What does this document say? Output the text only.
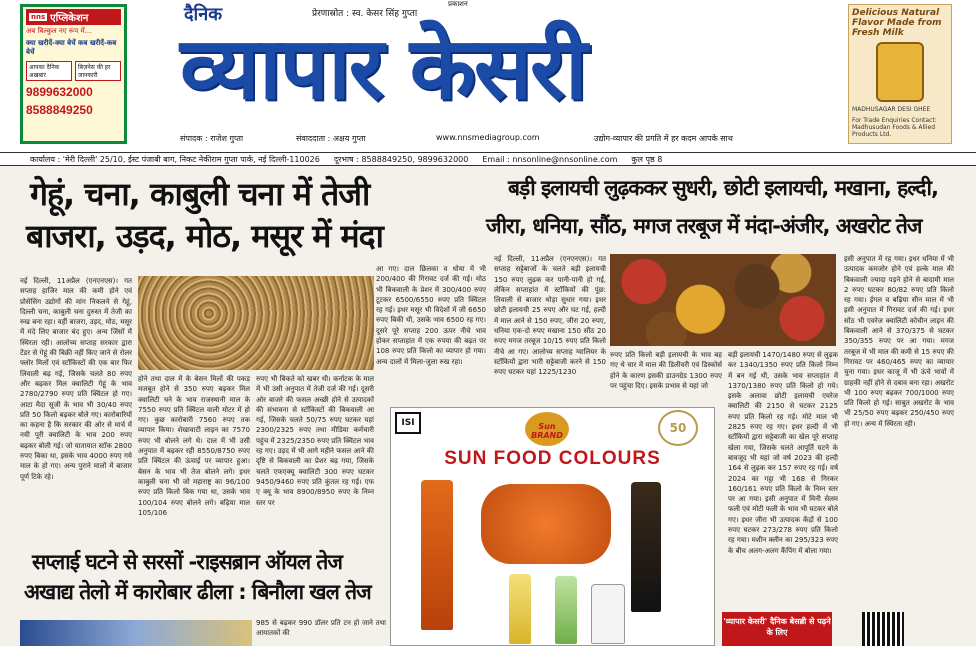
nns एप्लिकेशन
अब बिल्कुल नए रूप में...
क्या खरीदें-क्या बेचें कब खरीदें-कब बेचें
आपका दैनिक अखबार
बिज़नेस की हर जानकारी
9899632000
8588849250
दैनिक	प्रेरणास्रोत : स्व. केसर सिंह गुप्ता
प्रकाशन
व्यापार केसरी
Delicious Natural Flavor Made from Fresh Milk
MADHUSAGAR DESI GHEE
For Trade Enquiries Contact: Madhusudan Foods & Allied Products Ltd.
संपादक : राजेश गुप्ता	संवाददाता : अक्षय गुप्ता	www.nnsmediagroup.com	उद्योग-व्यापार की प्रगति में हर कदम आपके साथ
कार्यालय : 'मेरी दिल्ली' 25/10, ईस्ट पंजाबी बाग, निकट नेकीराम गुप्ता पार्क, नई दिल्ली-110026 दूरभाष : 8588849250, 9899632000 Email : nnsonline@nnsonline.com कुल पृष्ठ 8
गेहूं, चना, काबुली चना में तेजी
बाजरा, उड़द, मोठ, मसूर में मंदा
नई दिल्ली, 11अप्रैल (एनएनएस)। गत सप्ताह हाजिर माल की कमी होने एवं प्रोसेसिंग उद्योगों की मांग निकलने से गेहूं, दिल्ली चना, काबुली चना दुरुस्त में तेजी का रुख बना रहा। वहीं बाजरा, उड़द, मोठ, मसूर में मंदे लिए बाजार बंद हुए। अन्य जिंसों में स्थिरता रही। आलोच्य सप्ताह सरकार द्वारा टेंडर से गेहूं की बिक्री नहीं किए जाने से रोलर फ्लोर मिलों एवं स्टॉकिस्टों की एक बार फिर लिवाली बढ़ गई, जिसके चलते 80 रुपए और बढ़कर मिल क्वालिटी गेहूं के भाव 2780/2790 रुपए प्रति क्विंटल हो गए। आटा मैदा सूजी के भाव भी 30/40 रुपए प्रति 50 किलो बढ़कर बोले गए। कारोबारियों का कहना है कि सरकार की ओर से मार्च में नयी पूरी क्वालिटी के भाव 200 रुपए बढ़कर बोली गई। जो यातायात स्टॉक 2800 रुपए बिका था, इसके भाव 4000 रुपए गये माल के हो गए। अन्य पुराने मालों में बाजार पूर्ण टिके रहे।
होने तथा दाल में के बेसन मिलों की पकड़ मजबूत होने से 350 रुपए बढ़कर मिल क्वालिटी चने के भाव राजस्थानी माल के 7550 रुपए प्रति क्विंटल वाली मोटर में हो गए। कुछ कारोबारी 7560 रुपए तक व्यापार किया। शेखावाटी लाइन का 7570 रुपए भी बोलने लगे थे। दाल में भी उसी अनुपात में बढ़कर रही 8550/8750 रुपए प्रति क्विंटल की ऊंचाई पर व्यापार हुआ। बेसन के भाव भी तेज बोलने लगे। इधर काबुली चना भी जो महाराष्ट्र का 96/100 रुपए प्रति किलो बिक गया था, उसके भाव 100/104 रुपए बोलने लगे। बढ़िया माल 105/106
रुपए भी बिकते को खबर थी। कर्नाटक के माल में भी उसी अनुपात में तेजी दर्ज की गई। दूसरी ओर बाजरे की फसल अच्छी होने से उत्पादकों की संभावना से स्टॉकिस्टों की बिकवाली आ गई, जिसके चलते 50/75 रुपए घटकर यहां 2300/2325 रुपए तथा मीडिया कर्मचारी पहुंच में 2325/2350 रुपए प्रति क्विंटल भाव रह गए। उड़द में भी आगे महीने फसल आने की दृष्टि से बिकवाली का प्रेशर बढ़ गया, जिसके चलते एफएक्यू क्वालिटी 300 रुपए घटकर 9450/9460 रुपए प्रति कुंतल रह गई। एफ ए क्यू के भाव 8900/8950 रुपए के निम्न स्तर पर
आ गए। दाल छिलका व धोया में भी 200/400 की गिरावट दर्ज की गई। मोठ भी बिकवाली के प्रेशर में 300/400 रुपए टूटकर 6500/6550 रुपए प्रति क्विंटल रह गई। इधर मसूर भी विदेशों में जी 6650 रुपए बिकी थी, उसके भाव 6500 रह गए। दूसरे पूरे सप्ताह 200 ऊपर नीचे भाव होकर सप्ताहांत में एक रुपया की बढ़त पर 108 रुपए प्रति किलो का व्यापार हो गया। अन्य दालों में मिला-जुला रुख रहा।
सप्लाई घटने से सरसों -राइसब्रान ऑयल तेज
अखाद्य तेलो में कारोबार ढीला : बिनौला खल तेज
985 से बढ़कर 990 डॉलर प्रति टन हो जाने तथा आयातकों की
बड़ी इलायची लुढ़ककर सुधरी, छोटी इलायची, मखाना, हल्दी,
जीरा, धनिया, सौंठ, मगज तरबूज में मंदा-अंजीर, अखरोट तेज
नई दिल्ली, 11अप्रैल (एनएनएस)। गत सप्ताह सट्टेबाजों के चलते बड़ी इलायची 150 रुपए लुढ़क कर पानी-पानी हो गई, लेकिन सप्ताहांत में स्टॉकियों की पूंछ: लिवाली से बाजार थोड़ा सुधार गया। इधर छोटी इलायची 25 रुपए और घट गई, हल्दी में माल आने से 150 रुपए, जीरा 20 रुपए, धनिया एक-दो रुपए मखाना 150 सौंठ 20 रुपए मगज तरबूज 10/15 रुपए प्रति किलो नीचे आ गए। आलोच्य सप्ताह ग्वालियर के स्टॉकियों द्वारा भारी सट्टेबाजी करने से 150 रुपए घटकर यहां 1225/1230
रुपए प्रति किलो बड़ी इलायची के भाव बह गए थे चार में माल की डिलीवरी एवं डिस्कोर्स होने के कारण इसकी डाउनग्रेड 1300 रुपए पर पहुंचा दिए। इसके प्रभाव से यहां जो
बड़ी इलायची 1470/1480 रुपए से लुढ़क कर 1340/1350 रुपए प्रति किलो निम्न में बन गई थी, उसके भाव सप्ताहांत में 1370/1380 रुपए प्रति किलो हो गये। इसके अलावा छोटी इलायची एवरेज क्वालिटी की 2150 से घटकर 2125 रुपए प्रति किलो रह गई। मोटे माल भी 2825 रुपए रह गए। इधर हल्दी में भी स्टॉकियों द्वारा सट्टेबाजी का खेल पूरे सप्ताह खेला गया, जिसके चलते आपूर्ति घटने के बावजूद भी यहां जो वर्ष 2023 की हल्दी 164 से लुढ़क कर 157 रुपए रह गई। वर्ष 2024 का गट्ठा भी 168 से गिरकर 160/161 रुपए प्रति किलो के निम्न स्तर पर आ गया। इसी अनुपात में मिनी सेलम फली एवं मोटी फली के भाव भी घटकर बोले गए। इधर जीरा भी उत्पादक केंद्रों से 100 रुपए घटकर 273/278 रुपए प्रति किलो रह गया। मशीन क्लीन का 295/323 रुपए के बीच अलग-अलग कैंपिंग में बोला गया।
इसी अनुपात में रह गया। इधर धनिया में भी उत्पादक कमजोर होने एवं हल्के माल की बिकवाली ज्यादा पड़ने होने से बादामी माल 2 रुपए घटकर 80/82 रुपए प्रति किलो रह गया। ईगल व बढ़िया सीन माल में भी इसी अनुपात में गिरावट दर्ज की गई। इधर सोंठ भी एवरेज क्वालिटी कोचीन लाइन की बिकवाली आने से 370/375 से घटकर 350/355 रुपए पर आ गया। मगज तरबूज में भी माल की कमी से 15 रुपए की गिरावट पर 460/465 रुपए का व्यापार चुना गया। इधर काजू में भी ऊंचे भावों में ग्राहकी नहीं होने से दबाव बना रहा। अखरोट भी 100 रुपए बढ़कर 700/1000 रुपए प्रति किलो हो गई। साबुत अखरोट के भाव भी 25/50 रुपए बढ़कर 250/450 रुपए हो गए। अन्य में स्थिरता रही।
ISI	Sun BRAND
50
SUN FOOD COLOURS
'व्यापार केसरी' दैनिक बेसब्री से पढ़ने के लिए
